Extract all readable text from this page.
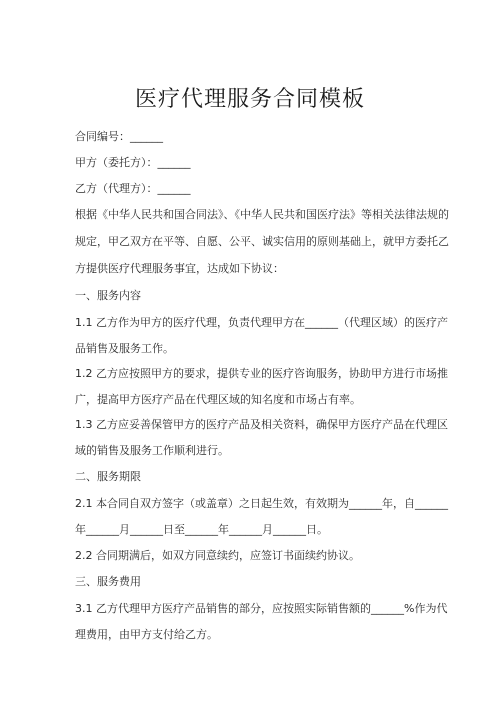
医疗代理服务合同模板
合同编号：______
甲方（委托方）：______
乙方（代理方）：______
根据《中华人民共和国合同法》、《中华人民共和国医疗法》等相关法律法规的
规定，甲乙双方在平等、自愿、公平、诚实信用的原则基础上，就甲方委托乙
方提供医疗代理服务事宜，达成如下协议：
一、服务内容
1.1 乙方作为甲方的医疗代理，负责代理甲方在______（代理区域）的医疗产
品销售及服务工作。
1.2 乙方应按照甲方的要求，提供专业的医疗咨询服务，协助甲方进行市场推
广，提高甲方医疗产品在代理区域的知名度和市场占有率。
1.3 乙方应妥善保管甲方的医疗产品及相关资料，确保甲方医疗产品在代理区
域的销售及服务工作顺利进行。
二、服务期限
2.1 本合同自双方签字（或盖章）之日起生效，有效期为______年，自______
年______月______日至______年______月______日。
2.2 合同期满后，如双方同意续约，应签订书面续约协议。
三、服务费用
3.1 乙方代理甲方医疗产品销售的部分，应按照实际销售额的______%作为代
理费用，由甲方支付给乙方。
